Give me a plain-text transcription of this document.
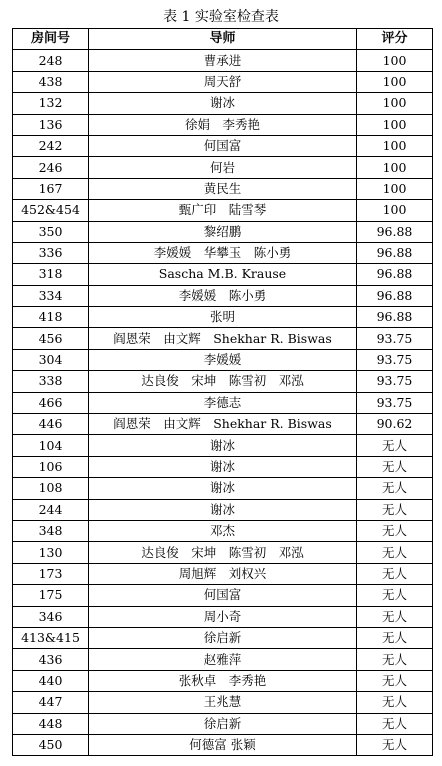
表 1 实验室检查表
房间号	导师	评分
248	曹承进	100
438	周天舒	100
132	谢冰	100
136	徐娟　李秀艳	100
242	何国富	100
246	何岩	100
167	黄民生	100
452&454	甄广印　陆雪琴	100
350	黎绍鹏	96.88
336	李媛媛　华攀玉　陈小勇	96.88
318	Sascha M.B. Krause	96.88
334	李媛媛　陈小勇	96.88
418	张明	96.88
456	阎恩荣　由文辉　Shekhar R. Biswas	93.75
304	李媛媛	93.75
338	达良俊　宋坤　陈雪初　邓泓	93.75
466	李德志	93.75
446	阎恩荣　由文辉　Shekhar R. Biswas	90.62
104	谢冰	无人
106	谢冰	无人
108	谢冰	无人
244	谢冰	无人
348	邓杰	无人
130	达良俊　宋坤　陈雪初　邓泓	无人
173	周旭辉　刘权兴	无人
175	何国富	无人
346	周小奇	无人
413&415	徐启新	无人
436	赵雅萍	无人
440	张秋卓　李秀艳	无人
447	王兆慧	无人
448	徐启新	无人
450	何德富 张颖	无人
